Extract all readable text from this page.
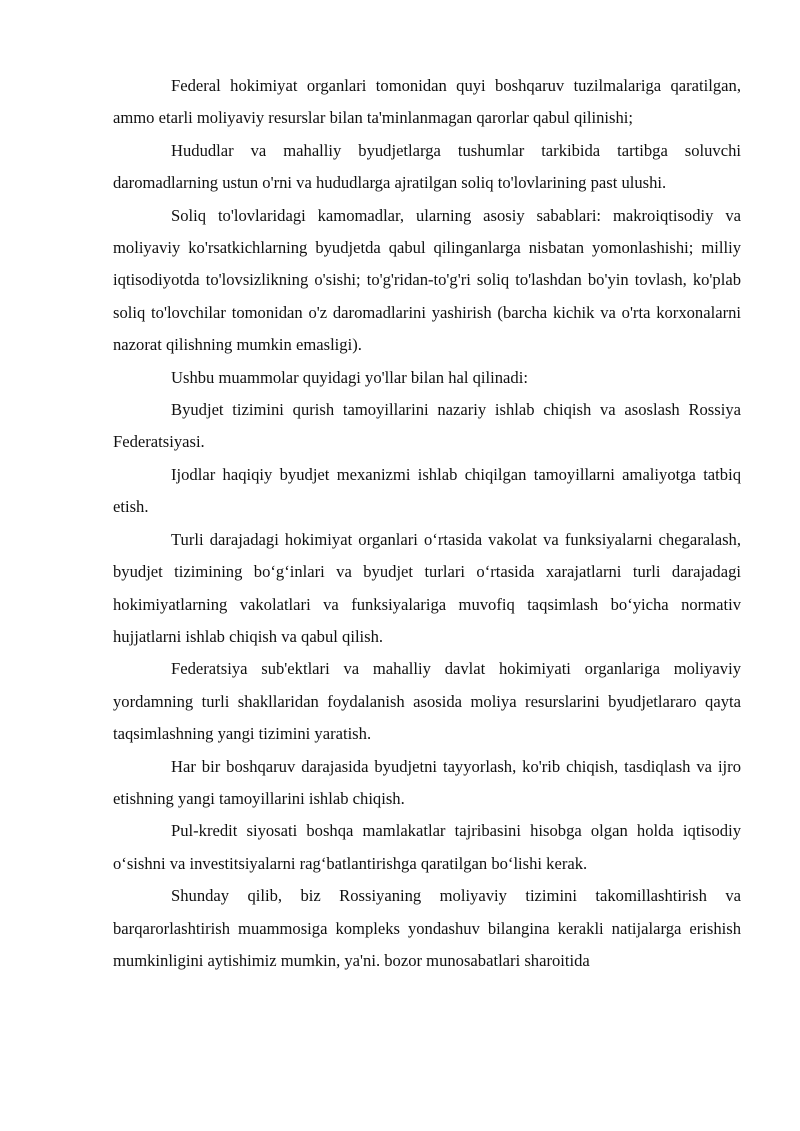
Federal hokimiyat organlari tomonidan quyi boshqaruv tuzilmalariga qaratilgan, ammo etarli moliyaviy resurslar bilan ta'minlanmagan qarorlar qabul qilinishi;

Hududlar va mahalliy byudjetlarga tushumlar tarkibida tartibga soluvchi daromadlarning ustun o'rni va hududlarga ajratilgan soliq to'lovlarining past ulushi.

Soliq to'lovlaridagi kamomadlar, ularning asosiy sabablari: makroiqtisodiy va moliyaviy ko'rsatkichlarning byudjetda qabul qilinganlarga nisbatan yomonlashishi; milliy iqtisodiyotda to'lovsizlikning o'sishi; to'g'ridan-to'g'ri soliq to'lashdan bo'yin tovlash, ko'plab soliq to'lovchilar tomonidan o'z daromadlarini yashirish (barcha kichik va o'rta korxonalarni nazorat qilishning mumkin emasligi).

Ushbu muammolar quyidagi yo'llar bilan hal qilinadi:

Byudjet tizimini qurish tamoyillarini nazariy ishlab chiqish va asoslash Rossiya Federatsiyasi.

Ijodlar haqiqiy byudjet mexanizmi ishlab chiqilgan tamoyillarni amaliyotga tatbiq etish.

Turli darajadagi hokimiyat organlari oʻrtasida vakolat va funksiyalarni chegaralash, byudjet tizimining boʻgʻinlari va byudjet turlari oʻrtasida xarajatlarni turli darajadagi hokimiyatlarning vakolatlari va funksiyalariga muvofiq taqsimlash boʻyicha normativ hujjatlarni ishlab chiqish va qabul qilish.

Federatsiya sub'ektlari va mahalliy davlat hokimiyati organlariga moliyaviy yordamning turli shakllaridan foydalanish asosida moliya resurslarini byudjetlararo qayta taqsimlashning yangi tizimini yaratish.

Har bir boshqaruv darajasida byudjetni tayyorlash, ko'rib chiqish, tasdiqlash va ijro etishning yangi tamoyillarini ishlab chiqish.

Pul-kredit siyosati boshqa mamlakatlar tajribasini hisobga olgan holda iqtisodiy oʻsishni va investitsiyalarni ragʻbatlantirishga qaratilgan boʻlishi kerak.

Shunday qilib, biz Rossiyaning moliyaviy tizimini takomillashtirish va barqarorlashtirish muammosiga kompleks yondashuv bilangina kerakli natijalarga erishish mumkinligini aytishimiz mumkin, ya'ni. bozor munosabatlari sharoitida
